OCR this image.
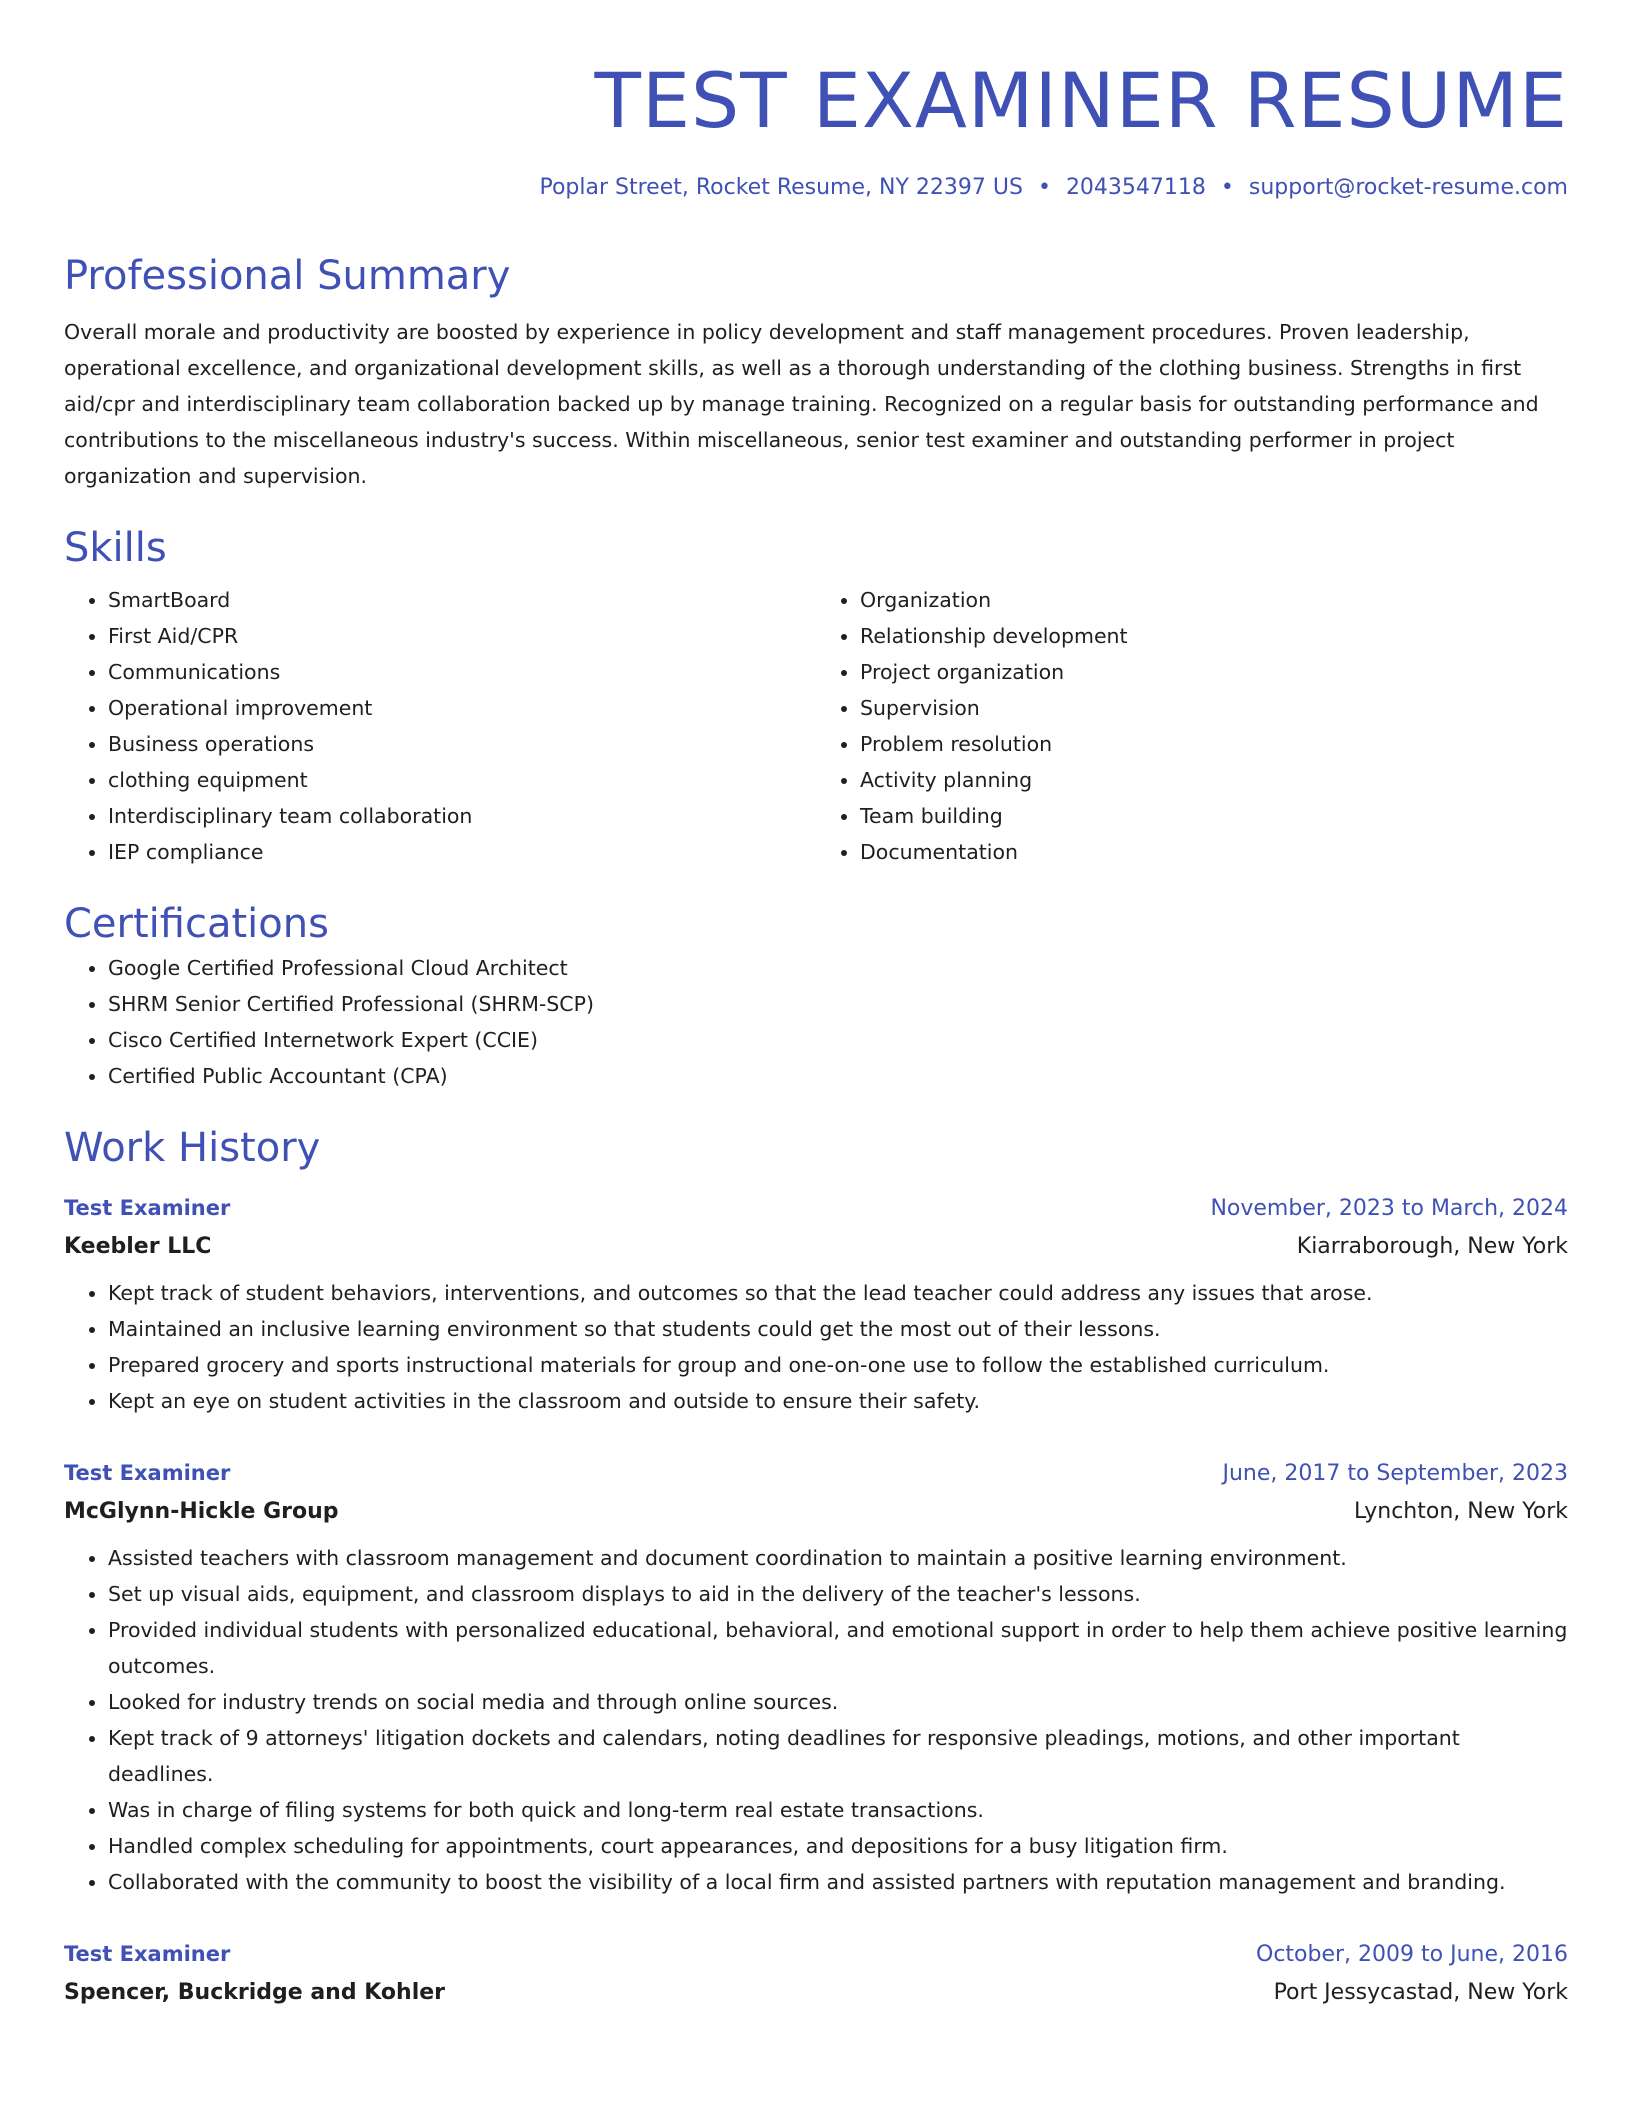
TEST EXAMINER RESUME
Poplar Street, Rocket Resume, NY 22397 US • 2043547118 • support@rocket-resume.com
Professional Summary
Overall morale and productivity are boosted by experience in policy development and staff management procedures. Proven leadership, operational excellence, and organizational development skills, as well as a thorough understanding of the clothing business. Strengths in first aid/cpr and interdisciplinary team collaboration backed up by manage training. Recognized on a regular basis for outstanding performance and contributions to the miscellaneous industry's success. Within miscellaneous, senior test examiner and outstanding performer in project organization and supervision.
Skills
• SmartBoard
• First Aid/CPR
• Communications
• Operational improvement
• Business operations
• clothing equipment
• Interdisciplinary team collaboration
• IEP compliance
• Organization
• Relationship development
• Project organization
• Supervision
• Problem resolution
• Activity planning
• Team building
• Documentation
Certifications
• Google Certified Professional Cloud Architect
• SHRM Senior Certified Professional (SHRM-SCP)
• Cisco Certified Internetwork Expert (CCIE)
• Certified Public Accountant (CPA)
Work History
Test Examiner	November, 2023 to March, 2024
Keebler LLC	Kiarraborough, New York
• Kept track of student behaviors, interventions, and outcomes so that the lead teacher could address any issues that arose.
• Maintained an inclusive learning environment so that students could get the most out of their lessons.
• Prepared grocery and sports instructional materials for group and one-on-one use to follow the established curriculum.
• Kept an eye on student activities in the classroom and outside to ensure their safety.
Test Examiner	June, 2017 to September, 2023
McGlynn-Hickle Group	Lynchton, New York
• Assisted teachers with classroom management and document coordination to maintain a positive learning environment.
• Set up visual aids, equipment, and classroom displays to aid in the delivery of the teacher's lessons.
• Provided individual students with personalized educational, behavioral, and emotional support in order to help them achieve positive learning outcomes.
• Looked for industry trends on social media and through online sources.
• Kept track of 9 attorneys' litigation dockets and calendars, noting deadlines for responsive pleadings, motions, and other important deadlines.
• Was in charge of filing systems for both quick and long-term real estate transactions.
• Handled complex scheduling for appointments, court appearances, and depositions for a busy litigation firm.
• Collaborated with the community to boost the visibility of a local firm and assisted partners with reputation management and branding.
Test Examiner	October, 2009 to June, 2016
Spencer, Buckridge and Kohler	Port Jessycastad, New York
